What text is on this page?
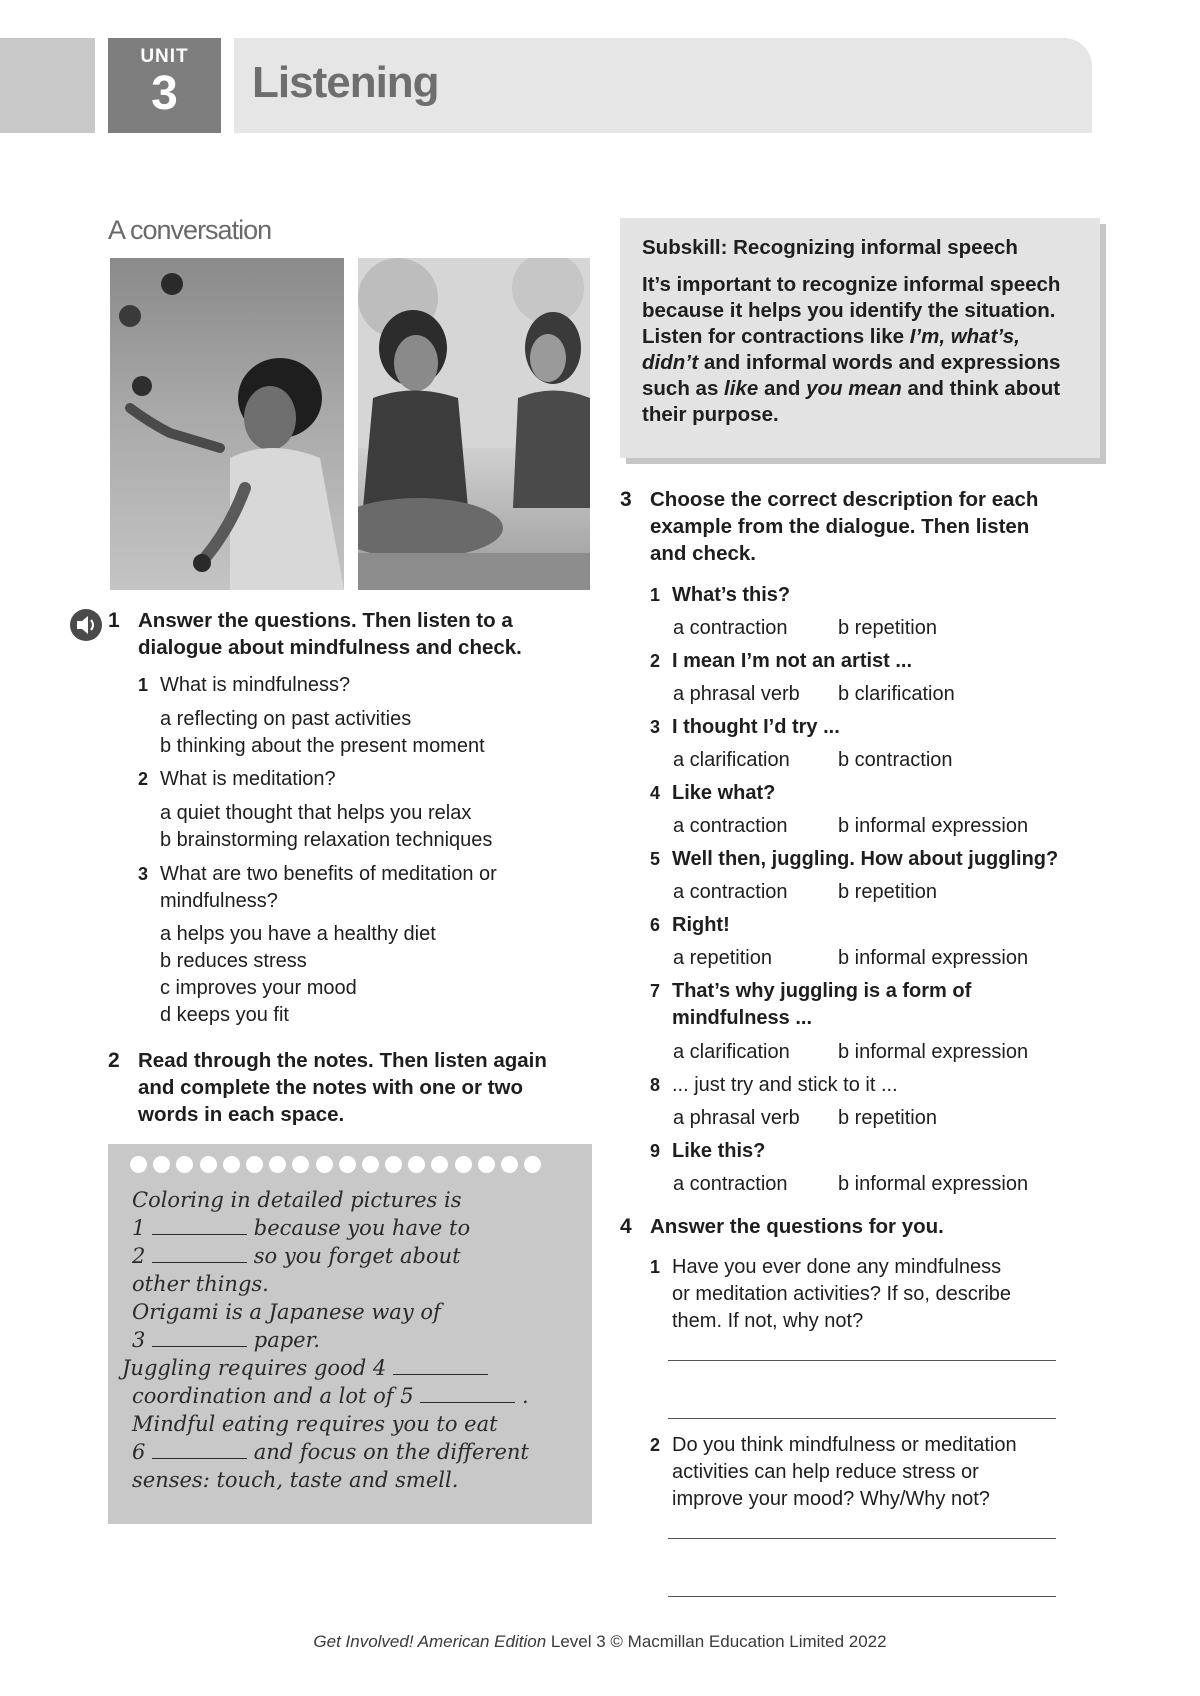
UNIT
3	Listening
A conversation
Subskill: Recognizing informal speech
It’s important to recognize informal speech because it helps you identify the situation. Listen for contractions like I’m, what’s, didn’t and informal words and expressions such as like and you mean and think about their purpose.
1 Answer the questions. Then listen to a
dialogue about mindfulness and check.
1 What is mindfulness?
a reflecting on past activities
b thinking about the present moment
2 What is meditation?
a quiet thought that helps you relax
b brainstorming relaxation techniques
3 What are two benefits of meditation or
mindfulness?
a helps you have a healthy diet
b reduces stress
c improves your mood
d keeps you fit
2 Read through the notes. Then listen again
and complete the notes with one or two
words in each space.
Coloring in detailed pictures is
1	because you have to
2	so you forget about
other things.
Origami is a Japanese way of
3	paper.
Juggling requires good 4
coordination and a lot of 5	.
Mindful eating requires you to eat
6	and focus on the different
senses: touch, taste and smell.
3 Choose the correct description for each
example from the dialogue. Then listen
and check.
1 What’s this?
a contraction	b repetition
2 I mean I’m not an artist ...
a phrasal verb b clarification
3 I thought I’d try ...
a clarification b contraction
4 Like what?
a contraction	b informal expression
5 Well then, juggling. How about juggling?
a contraction	b repetition
6 Right!
a repetition	b informal expression
7 That’s why juggling is a form of
mindfulness ...
a clarification b informal expression
8 ... just try and stick to it ...
a phrasal verb b repetition
9 Like this?
a contraction	b informal expression
4 Answer the questions for you.
1 Have you ever done any mindfulness
or meditation activities? If so, describe
them. If not, why not?
2 Do you think mindfulness or meditation
activities can help reduce stress or
improve your mood? Why/Why not?
Get Involved! American Edition Level 3 © Macmillan Education Limited 2022
